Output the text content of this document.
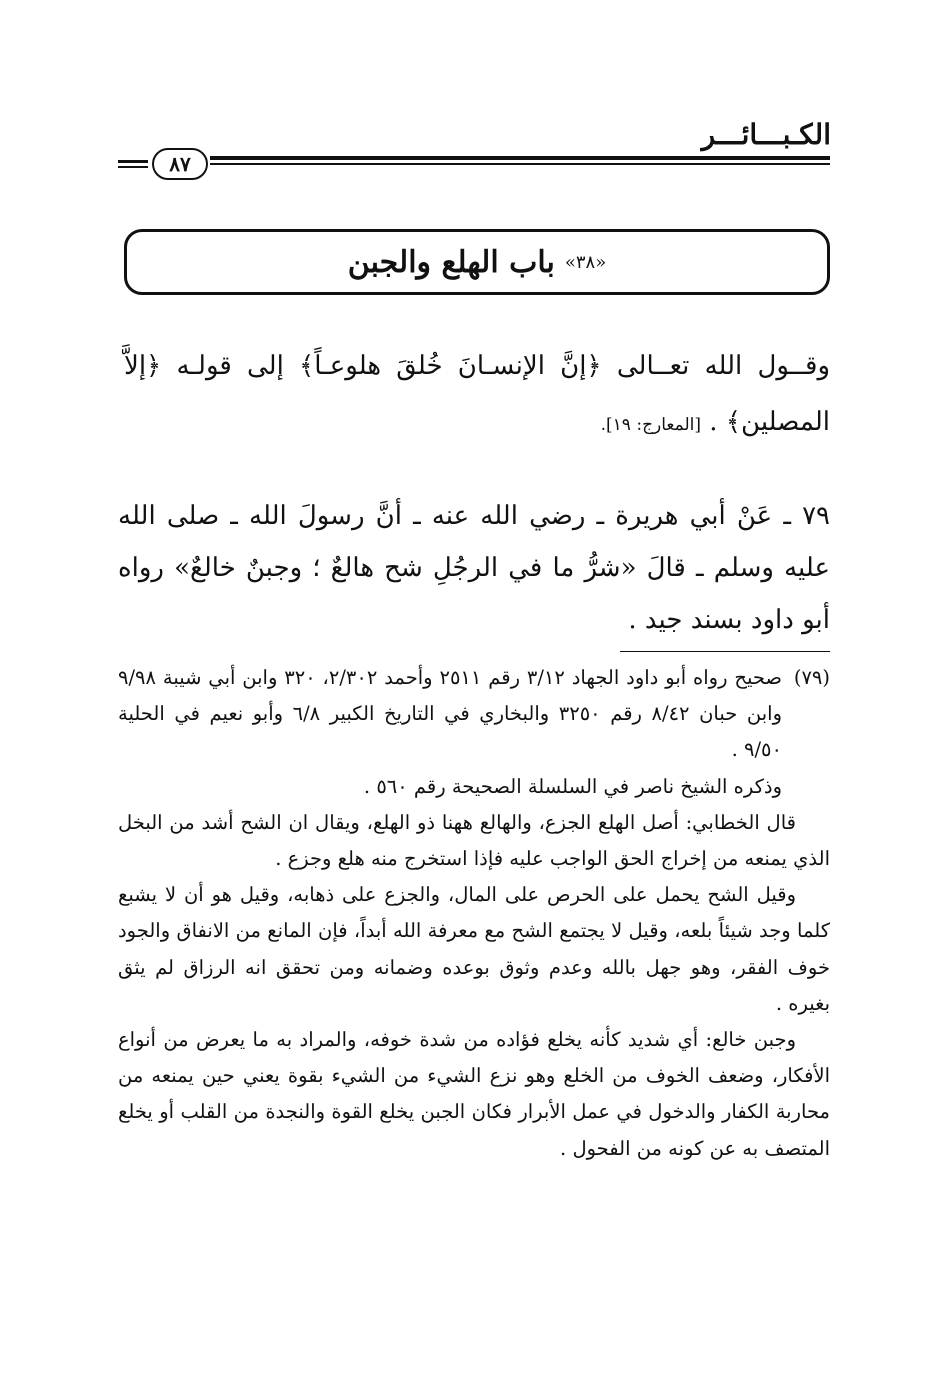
الكـبـــائـــر
٨٧
«٣٨»
باب الهلع والجبن
وقــول الله تعــالى ﴿إنَّ الإنسـانَ خُلقَ هلوعـاً﴾ إلى قولـه ﴿إلاَّ المصلين﴾ . [المعارج: ١٩].
٧٩ ـ عَنْ أبي هريرة ـ رضي الله عنه ـ أنَّ رسولَ الله ـ صلى الله عليه وسلم ـ قالَ «شرُّ ما في الرجُلِ شح هالعٌ ؛ وجبنٌ خالعٌ» رواه أبو داود بسند جيد .
(٧٩)
صحيح رواه أبو داود الجهاد ٣/١٢ رقم ٢٥١١ وأحمد ٢/٣٠٢، ٣٢٠ وابن أبي شيبة ٩/٩٨ وابن حبان ٨/٤٢ رقم ٣٢٥٠ والبخاري في التاريخ الكبير ٦/٨ وأبو نعيم في الحلية ٩/٥٠ .
وذكره الشيخ ناصر في السلسلة الصحيحة رقم ٥٦٠ .
قال الخطابي: أصل الهلع الجزع، والهالع ههنا ذو الهلع، ويقال ان الشح أشد من البخل الذي يمنعه من إخراج الحق الواجب عليه فإذا استخرج منه هلع وجزع .
وقيل الشح يحمل على الحرص على المال، والجزع على ذهابه، وقيل هو أن لا يشبع كلما وجد شيئاً بلعه، وقيل لا يجتمع الشح مع معرفة الله أبداً، فإن المانع من الانفاق والجود خوف الفقر، وهو جهل بالله وعدم وثوق بوعده وضمانه ومن تحقق انه الرزاق لم يثق بغيره .
وجبن خالع: أي شديد كأنه يخلع فؤاده من شدة خوفه، والمراد به ما يعرض من أنواع الأفكار، وضعف الخوف من الخلع وهو نزع الشيء من الشيء بقوة يعني حين يمنعه من محاربة الكفار والدخول في عمل الأبرار فكان الجبن يخلع القوة والنجدة من القلب أو يخلع المتصف به عن كونه من الفحول .
